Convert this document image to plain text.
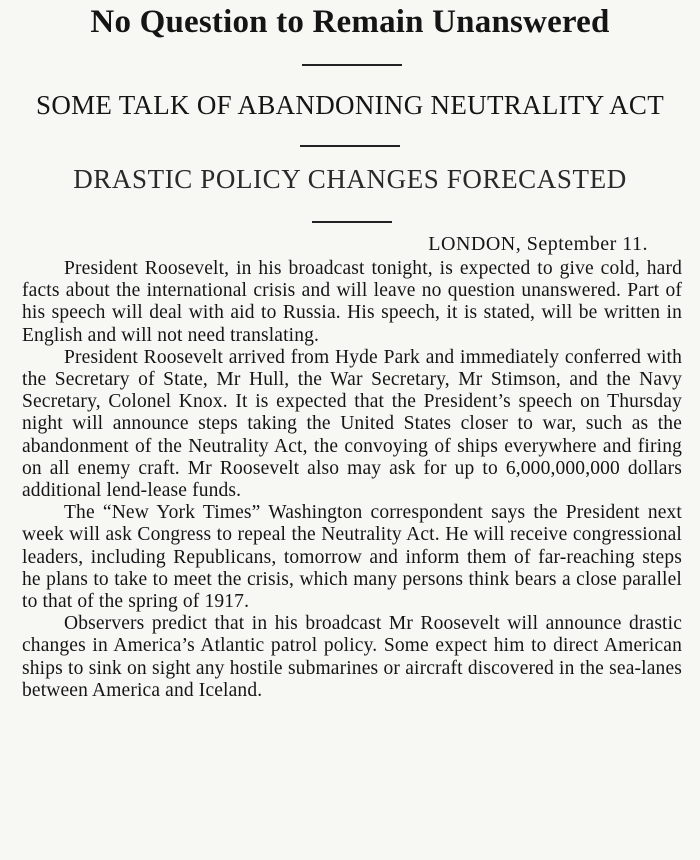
No Question to Remain Unanswered
SOME TALK OF ABANDONING NEUTRALITY ACT
DRASTIC POLICY CHANGES FORECASTED
LONDON, September 11.

President Roosevelt, in his broadcast tonight, is expected to give cold, hard facts about the international crisis and will leave no question unanswered. Part of his speech will deal with aid to Russia. His speech, it is stated, will be written in English and will not need translating.

President Roosevelt arrived from Hyde Park and immediately conferred with the Secretary of State, Mr Hull, the War Secretary, Mr Stimson, and the Navy Secretary, Colonel Knox. It is expected that the President’s speech on Thursday night will announce steps taking the United States closer to war, such as the abandonment of the Neutrality Act, the convoying of ships everywhere and firing on all enemy craft. Mr Roosevelt also may ask for up to 6,000,000,000 dollars additional lend-lease funds.

The “New York Times” Washington correspondent says the President next week will ask Congress to repeal the Neutrality Act. He will receive congressional leaders, including Republicans, tomorrow and inform them of far-reaching steps he plans to take to meet the crisis, which many persons think bears a close parallel to that of the spring of 1917.

Observers predict that in his broadcast Mr Roosevelt will announce drastic changes in America’s Atlantic patrol policy. Some expect him to direct American ships to sink on sight any hostile submarines or aircraft discovered in the sea-lanes between America and Iceland.
